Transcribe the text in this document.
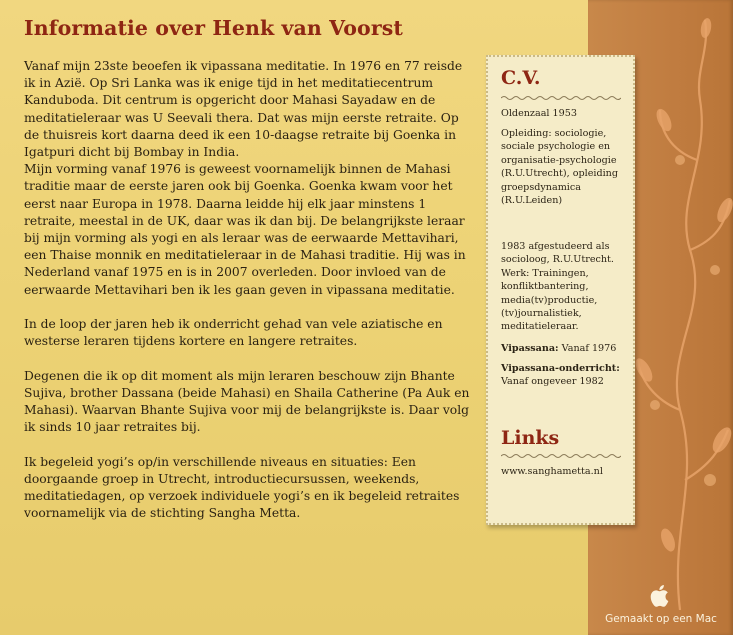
Informatie over Henk van Voorst

Vanaf mijn 23ste beoefen ik vipassana meditatie. In 1976 en 77 reisde ik in Azië. Op Sri Lanka was ik enige tijd in het meditatiecentrum Kanduboda. Dit centrum is opgericht door Mahasi Sayadaw en de meditatieleraar was U Seevali thera. Dat was mijn eerste retraite. Op de thuisreis kort daarna deed ik een 10-daagse retraite bij Goenka in Igatpuri dicht bij Bombay in India.

Mijn vorming vanaf 1976 is geweest voornamelijk binnen de Mahasi traditie maar de eerste jaren ook bij Goenka. Goenka kwam voor het eerst naar Europa in 1978. Daarna leidde hij elk jaar minstens 1 retraite, meestal in de UK, daar was ik dan bij. De belangrijkste leraar bij mijn vorming als yogi en als leraar was de eerwaarde Mettavihari, een Thaise monnik en meditatieleraar in de Mahasi traditie. Hij was in Nederland vanaf 1975 en is in 2007 overleden. Door invloed van de eerwaarde Mettavihari ben ik les gaan geven in vipassana meditatie.

In de loop der jaren heb ik onderricht gehad van vele aziatische en westerse leraren tijdens kortere en langere retraites.

Degenen die ik op dit moment als mijn leraren beschouw zijn Bhante Sujiva, brother Dassana (beide Mahasi) en Shaila Catherine (Pa Auk en Mahasi). Waarvan Bhante Sujiva voor mij de belangrijkste is. Daar volg ik sinds 10 jaar retraites bij.

Ik begeleid yogi’s op/in verschillende niveaus en situaties: Een doorgaande groep in Utrecht, introductiecursussen, weekends, meditatiedagen, op verzoek individuele yogi’s en ik begeleid retraites voornamelijk via de stichting Sangha Metta.

C.V.

Oldenzaal 1953

Opleiding: sociologie, sociale psychologie en organisatie-psychologie (R.U.Utrecht), opleiding groepsdynamica (R.U.Leiden)

1983 afgestudeerd als socioloog, R.U.Utrecht. Werk: Trainingen, konfliktbantering, media(tv)productie, (tv)journalistiek, meditatieleraar.

Vipassana: Vanaf 1976

Vipassana-onderricht:

Vanaf ongeveer 1982

Links

www.sanghametta.nl

Gemaakt op een Mac
